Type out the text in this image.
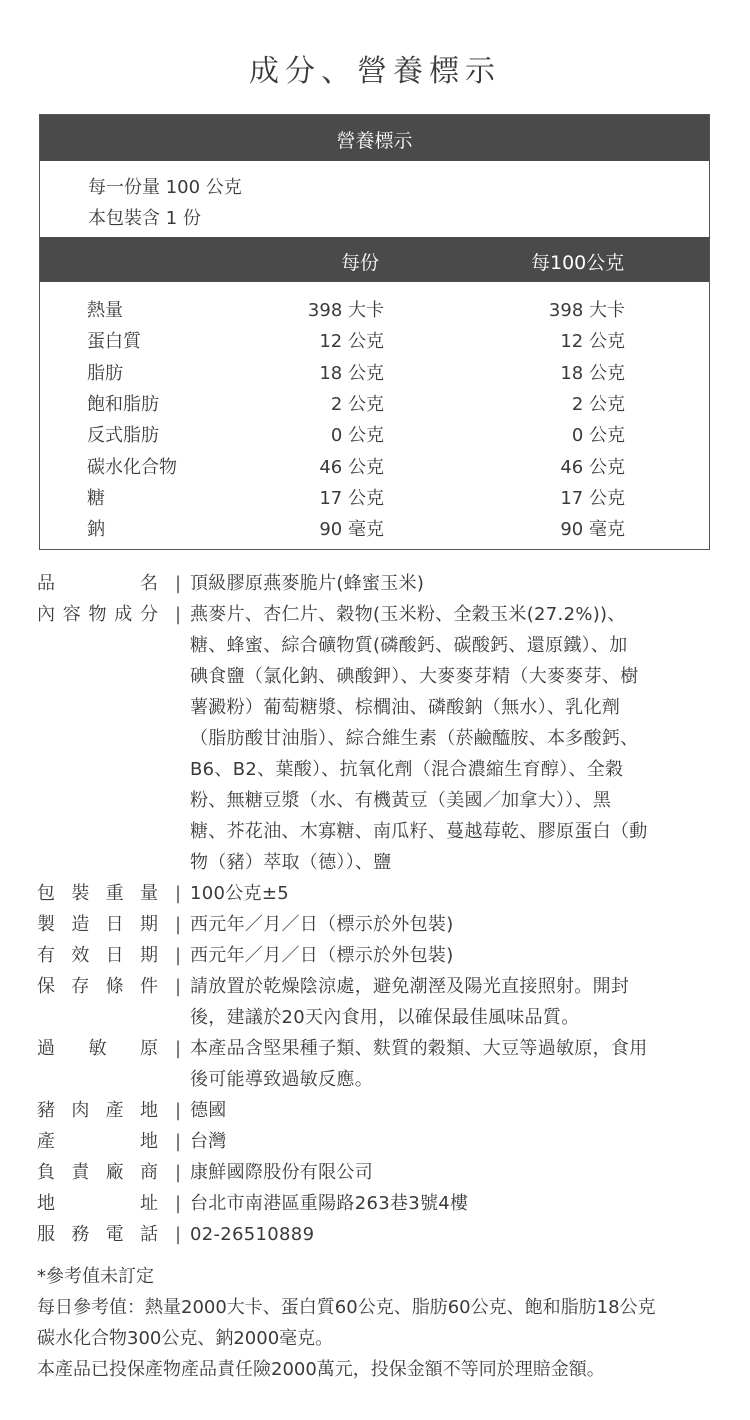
成分、營養標示
營養標示
每一份量 100 公克
本包裝含 1 份
每份	每100公克
熱量	398 大卡	398 大卡
蛋白質	12 公克	12 公克
脂肪	18 公克	18 公克
飽和脂肪	2 公克	2 公克
反式脂肪	0 公克	0 公克
碳水化合物	46 公克	46 公克
糖	17 公克	17 公克
鈉	90 毫克	90 毫克
品	名 | 頂級膠原燕麥脆片(蜂蜜玉米)
內 容 物 成 分 | 燕麥片、杏仁片、穀物(玉米粉、全穀玉米(27.2%))、
糖、蜂蜜、綜合礦物質(磷酸鈣、碳酸鈣、還原鐵）、加
碘食鹽（氯化鈉、碘酸鉀）、大麥麥芽精（大麥麥芽、樹
薯澱粉）葡萄糖漿、棕櫚油、磷酸鈉（無水）、乳化劑
（脂肪酸甘油脂）、綜合維生素（菸鹼醯胺、本多酸鈣、
B6、B2、葉酸）、抗氧化劑（混合濃縮生育醇）、全穀
粉、無糖豆漿（水、有機黃豆（美國／加拿大））、黑
糖、芥花油、木寡糖、南瓜籽、蔓越莓乾、膠原蛋白（動
物（豬）萃取（德））、鹽
包 裝 重 量 | 100公克±5
製 造 日 期 | 西元年／月／日（標示於外包裝)
有 效 日 期 | 西元年／月／日（標示於外包裝)
保 存 條 件 | 請放置於乾燥陰涼處，避免潮溼及陽光直接照射。開封
後，建議於20天內食用，以確保最佳風味品質。
過 敏 原 | 本產品含堅果種子類、麩質的穀類、大豆等過敏原，食用
後可能導致過敏反應。
豬 肉 產 地 | 德國
產	地 | 台灣
負 責 廠 商 | 康鮮國際股份有限公司
地	址 | 台北市南港區重陽路263巷3號4樓
服 務 電 話 | 02-26510889
*參考值未訂定
每日參考值：熱量2000大卡、蛋白質60公克、脂肪60公克、飽和脂肪18公克
碳水化合物300公克、鈉2000毫克。
本產品已投保產物產品責任險2000萬元，投保金額不等同於理賠金額。
